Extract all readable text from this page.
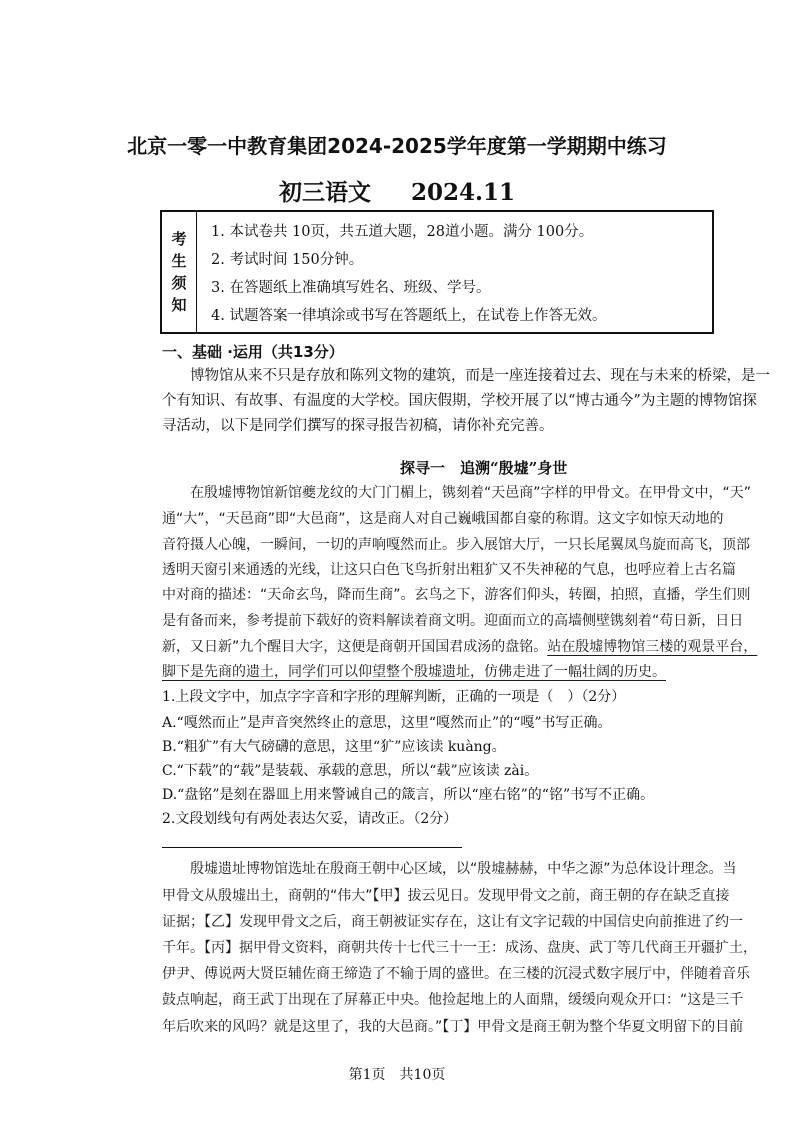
北京一零一中教育集团2024-2025学年度第一学期期中练习
初三语文 2024.11
考
生
须
知

1. 本试卷共 10页，共五道大题，28道小题。满分 100分。
2. 考试时间 150分钟。
3. 在答题纸上准确填写姓名、班级、学号。
4. 试题答案一律填涂或书写在答题纸上，在试卷上作答无效。
一、基础 ·运用（共13分）
博物馆从来不只是存放和陈列文物的建筑，而是一座连接着过去、现在与未来的桥梁，是一
个有知识、有故事、有温度的大学校。国庆假期，学校开展了以“博古通今”为主题的博物馆探
寻活动，以下是同学们撰写的探寻报告初稿，请你补充完善。
探寻一　追溯“殷墟”身世
在殷墟博物馆新馆夔龙纹的大门门楣上，镌刻着“天邑商”字样的甲骨文。在甲骨文中，“天”
通“大”，“天邑商”即“大邑商”，这是商人对自己巍峨国都自豪的称谓。这文字如惊天动地的
音符摄人心魄，一瞬间，一切的声响嘎然而止。步入展馆大厅，一只长尾翼凤鸟旋而高飞，顶部
透明天窗引来通透的光线，让这只白色飞鸟折射出粗犷又不失神秘的气息，也呼应着上古名篇
中对商的描述：“天命玄鸟，降而生商”。玄鸟之下，游客们仰头，转圈，拍照，直播，学生们则
是有备而来，参考提前下载好的资料解读着商文明。迎面而立的高墙侧壁镌刻着“苟日新，日日
新，又日新”九个醒目大字，这便是商朝开国国君成汤的盘铭。站在殷墟博物馆三楼的观景平台，
脚下是先商的遗土，同学们可以仰望整个殷墟遗址，仿佛走进了一幅壮阔的历史。
1.上段文字中，加点字字音和字形的理解判断，正确的一项是（　）（2分）
A.“嘎然而止”是声音突然终止的意思，这里“嘎然而止”的“嘎”书写正确。
B.“粗犷”有大气磅礴的意思，这里“犷”应该读 kuàng。
C.“下载”的“载”是装载、承载的意思，所以“载”应该读 zài。
D.“盘铭”是刻在器皿上用来警诫自己的箴言，所以“座右铭”的“铭”书写不正确。
2.文段划线句有两处表达欠妥，请改正。（2分）
殷墟遗址博物馆选址在殷商王朝中心区域，以“殷墟赫赫，中华之源”为总体设计理念。当
甲骨文从殷墟出土，商朝的“伟大”【甲】拔云见日。发现甲骨文之前，商王朝的存在缺乏直接
证据；【乙】发现甲骨文之后，商王朝被证实存在，这让有文字记载的中国信史向前推进了约一
千年。【丙】据甲骨文资料，商朝共传十七代三十一王：成汤、盘庚、武丁等几代商王开疆扩土，
伊尹、傅说两大贤臣辅佐商王缔造了不输于周的盛世。在三楼的沉浸式数字展厅中，伴随着音乐
鼓点响起，商王武丁出现在了屏幕正中央。他捡起地上的人面鼎，缓缓向观众开口：“这是三千
年后吹来的风吗？就是这里了，我的大邑商。”【丁】甲骨文是商王朝为整个华夏文明留下的目前
第1页　共10页
